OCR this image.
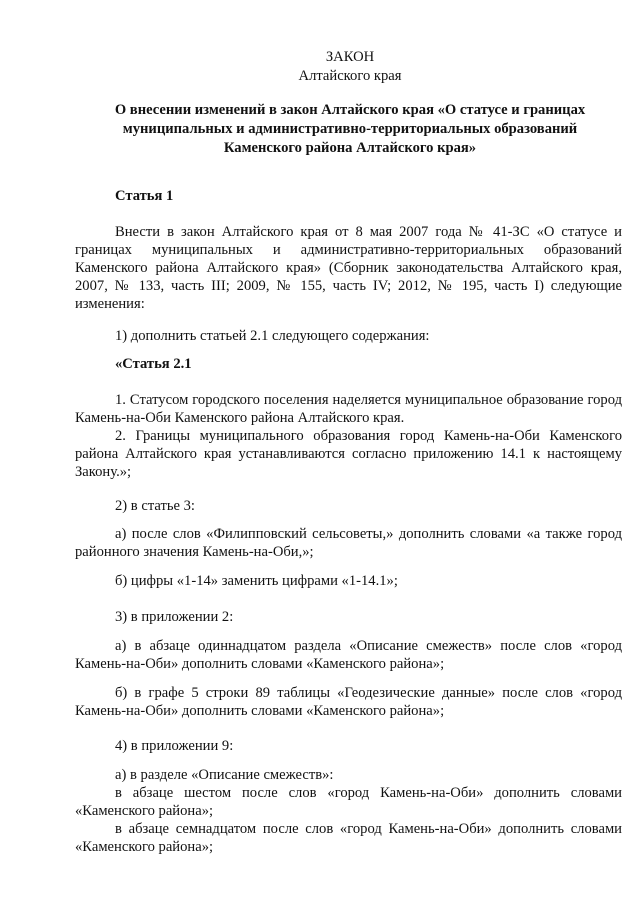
ЗАКОН
Алтайского края
О внесении изменений в закон Алтайского края «О статусе и границах
муниципальных и административно-территориальных образований
Каменского района Алтайского края»
Статья 1
Внести в закон Алтайского края от 8 мая 2007 года № 41-ЗС «О статусе и границах муниципальных и административно-территориальных образований Каменского района Алтайского края» (Сборник законодательства Алтайского края, 2007, № 133, часть III; 2009, № 155, часть IV; 2012, № 195, часть I) следующие изменения:
1) дополнить статьей 2.1 следующего содержания:
«Статья 2.1
1. Статусом городского поселения наделяется муниципальное образование город Камень-на-Оби Каменского района Алтайского края.
2. Границы муниципального образования город Камень-на-Оби Каменского района Алтайского края устанавливаются согласно приложению 14.1 к настоящему Закону.»;
2) в статье 3:
а) после слов «Филипповский сельсоветы,» дополнить словами «а также город районного значения Камень-на-Оби,»;
б) цифры «1-14» заменить цифрами «1-14.1»;
3) в приложении 2:
а) в абзаце одиннадцатом раздела «Описание смежеств» после слов «город Камень-на-Оби» дополнить словами «Каменского района»;
б) в графе 5 строки 89 таблицы «Геодезические данные» после слов «город Камень-на-Оби» дополнить словами «Каменского района»;
4) в приложении 9:
а) в разделе «Описание смежеств»:
в абзаце шестом после слов «город Камень-на-Оби» дополнить словами «Каменского района»;
в абзаце семнадцатом после слов «город Камень-на-Оби» дополнить словами «Каменского района»;
